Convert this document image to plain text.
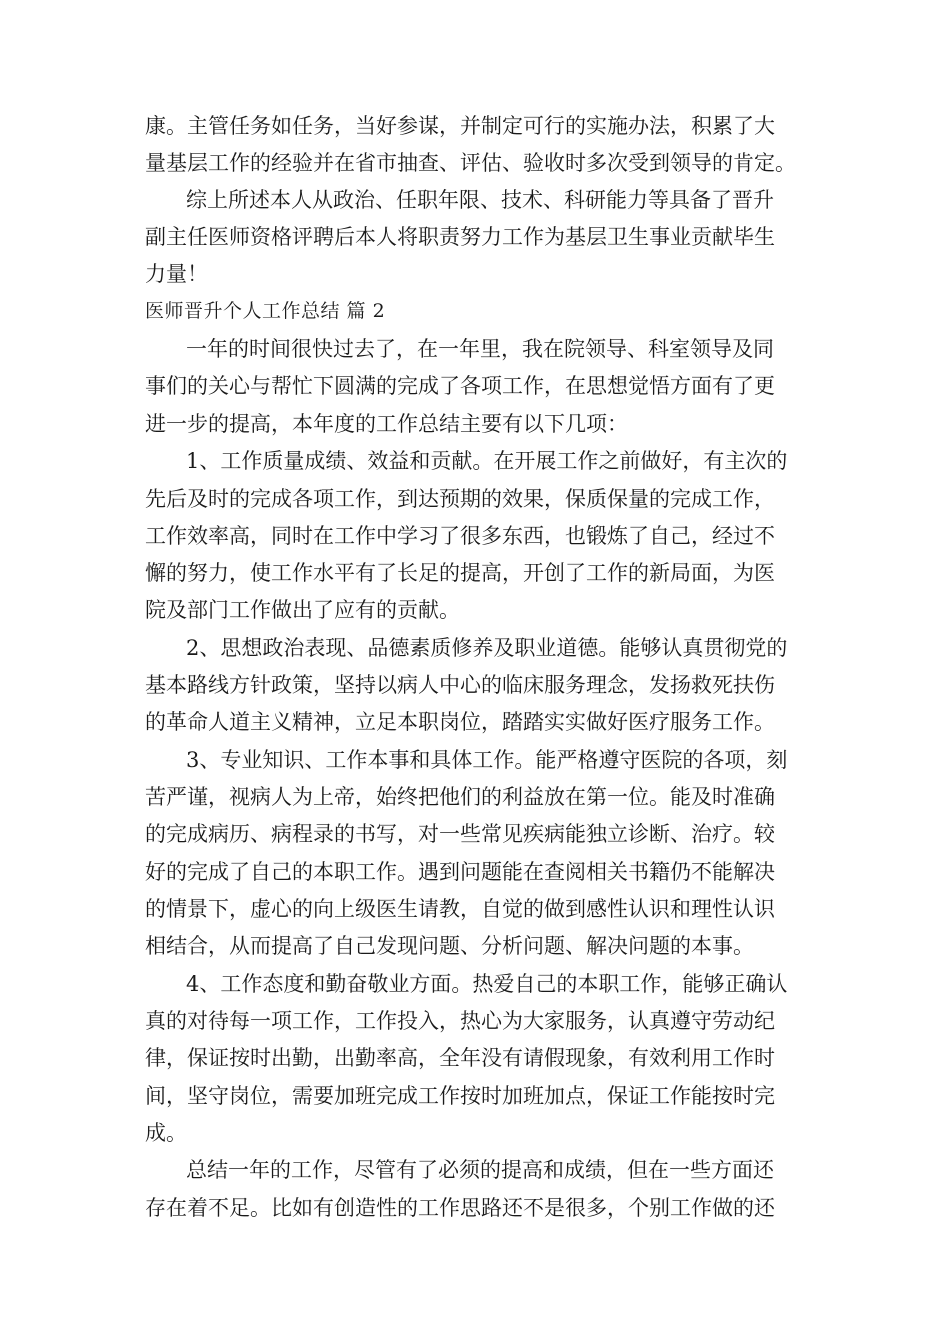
康。主管任务如任务，当好参谋，并制定可行的实施办法，积累了大
量基层工作的经验并在省市抽查、评估、验收时多次受到领导的肯定。
综上所述本人从政治、任职年限、技术、科研能力等具备了晋升
副主任医师资格评聘后本人将职责努力工作为基层卫生事业贡献毕生
力量！
医师晋升个人工作总结 篇 2
一年的时间很快过去了，在一年里，我在院领导、科室领导及同
事们的关心与帮忙下圆满的完成了各项工作，在思想觉悟方面有了更
进一步的提高，本年度的工作总结主要有以下几项：
1、工作质量成绩、效益和贡献。在开展工作之前做好，有主次的
先后及时的完成各项工作，到达预期的效果，保质保量的完成工作，
工作效率高，同时在工作中学习了很多东西，也锻炼了自己，经过不
懈的努力，使工作水平有了长足的提高，开创了工作的新局面，为医
院及部门工作做出了应有的贡献。
2、思想政治表现、品德素质修养及职业道德。能够认真贯彻党的
基本路线方针政策，坚持以病人中心的临床服务理念，发扬救死扶伤
的革命人道主义精神，立足本职岗位，踏踏实实做好医疗服务工作。
3、专业知识、工作本事和具体工作。能严格遵守医院的各项，刻
苦严谨，视病人为上帝，始终把他们的利益放在第一位。能及时准确
的完成病历、病程录的书写，对一些常见疾病能独立诊断、治疗。较
好的完成了自己的本职工作。遇到问题能在查阅相关书籍仍不能解决
的情景下，虚心的向上级医生请教，自觉的做到感性认识和理性认识
相结合，从而提高了自己发现问题、分析问题、解决问题的本事。
4、工作态度和勤奋敬业方面。热爱自己的本职工作，能够正确认
真的对待每一项工作，工作投入，热心为大家服务，认真遵守劳动纪
律，保证按时出勤，出勤率高，全年没有请假现象，有效利用工作时
间，坚守岗位，需要加班完成工作按时加班加点，保证工作能按时完
成。
总结一年的工作，尽管有了必须的提高和成绩，但在一些方面还
存在着不足。比如有创造性的工作思路还不是很多，个别工作做的还
